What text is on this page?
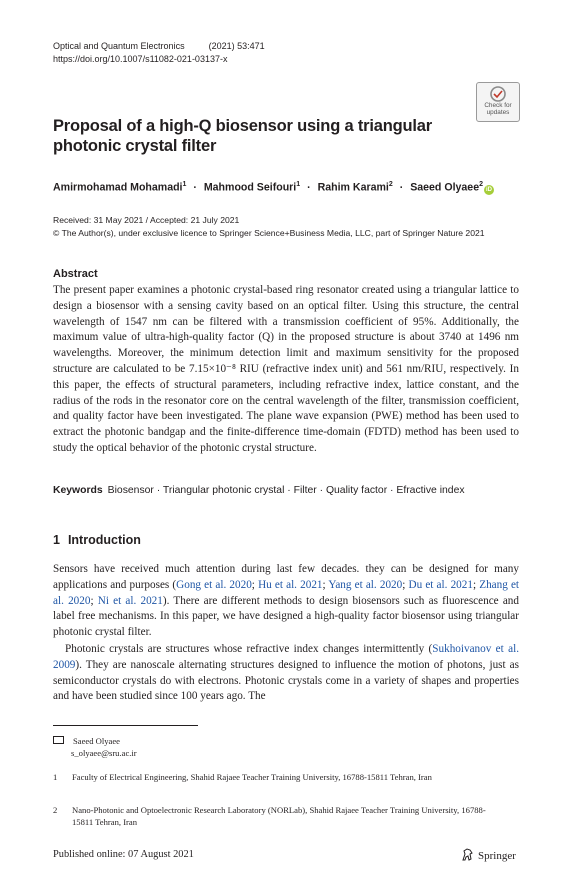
Optical and Quantum Electronics	(2021) 53:471
https://doi.org/10.1007/s11082-021-03137-x
Check for
updates
Proposal of a high-Q biosensor using a triangular photonic crystal filter
Amirmohamad Mohamadi$^1$ · Mahmood Seifouri$^1$ · Rahim Karami$^2$ · Saeed Olyaee$^2$iD
Received: 31 May 2021 / Accepted: 21 July 2021
© The Author(s), under exclusive licence to Springer Science+Business Media, LLC, part of Springer Nature 2021
Abstract
The present paper examines a photonic crystal-based ring resonator created using a triangular lattice to design a biosensor with a sensing cavity based on an optical filter. Using this structure, the central wavelength of 1547 nm can be filtered with a transmission coefficient of 95%. Additionally, the maximum value of ultra-high-quality factor (Q) in the proposed structure is about 3740 at 1496 nm wavelengths. Moreover, the minimum detection limit and maximum sensitivity for the proposed structure are calculated to be 7.15×10⁻⁸ RIU (refractive index unit) and 561 nm/RIU, respectively. In this paper, the effects of structural parameters, including refractive index, lattice constant, and the radius of the rods in the resonator core on the central wavelength of the filter, transmission coefficient, and quality factor have been investigated. The plane wave expansion (PWE) method has been used to extract the photonic bandgap and the finite-difference time-domain (FDTD) method has been used to study the optical behavior of the photonic crystal structure.
Keywords Biosensor · Triangular photonic crystal · Filter · Quality factor · Efractive index
1 Introduction
Sensors have received much attention during last few decades. they can be designed for many applications and purposes (Gong et al. 2020; Hu et al. 2021; Yang et al. 2020; Du et al. 2021; Zhang et al. 2020; Ni et al. 2021). There are different methods to design biosensors such as fluorescence and label free mechanisms. In this paper, we have designed a high-quality factor biosensor using triangular photonic crystal filter.
Photonic crystals are structures whose refractive index changes intermittently (Sukhoivanov et al. 2009). They are nanoscale alternating structures designed to influence the motion of photons, just as semiconductor crystals do with electrons. Photonic crystals come in a variety of shapes and properties and have been studied since 100 years ago. The
Saeed Olyaee
s_olyaee@sru.ac.ir
1 Faculty of Electrical Engineering, Shahid Rajaee Teacher Training University, 16788-15811 Tehran, Iran
2 Nano-Photonic and Optoelectronic Research Laboratory (NORLab), Shahid Rajaee Teacher Training University, 16788-15811 Tehran, Iran
Published online: 07 August 2021	Springer
